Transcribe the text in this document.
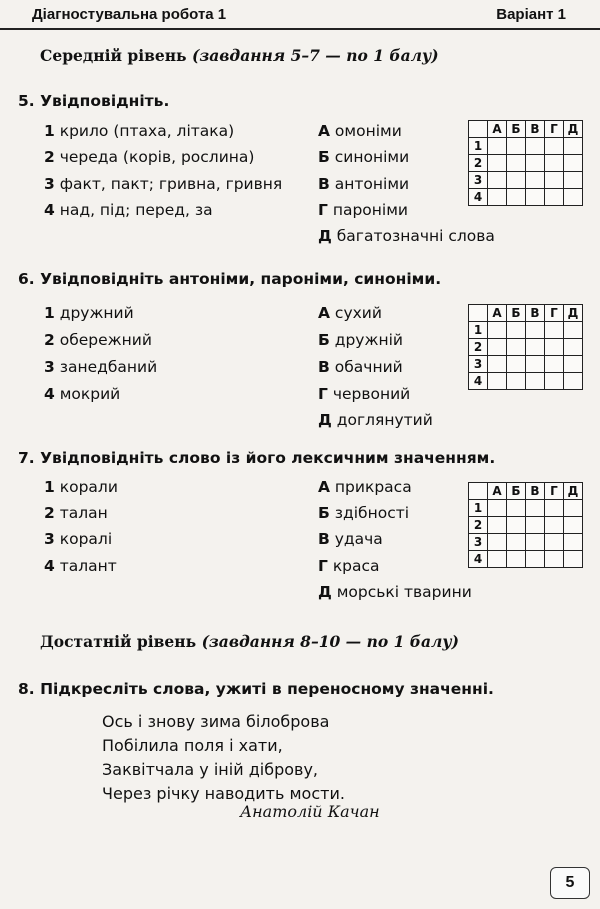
Діагностувальна робота 1	Варіант 1
Середній рівень (завдання 5–7 — по 1 балу)
5. Увідповідніть.
1 крило (птаха, літака)
2 череда (корів, рослина)
3 факт, пакт; гривна, гривня
4 над, під; перед, за
А омоніми
Б синоніми
В антоніми
Г пароніми
Д багатозначні слова
	А	Б	В	Г	Д
1					
2					
3					
4					
6. Увідповідніть антоніми, пароніми, синоніми.
1 дружний
2 обережний
3 занедбаний
4 мокрий
А сухий
Б дружній
В обачний
Г червоний
Д доглянутий
	А	Б	В	Г	Д
1					
2					
3					
4					
7. Увідповідніть слово із його лексичним значенням.
1 корали
2 талан
3 коралі
4 талант
А прикраса
Б здібності
В удача
Г краса
Д морські тварини
	А	Б	В	Г	Д
1					
2					
3					
4					
Достатній рівень (завдання 8–10 — по 1 балу)
8. Підкресліть слова, ужиті в переносному значенні.
Ось і знову зима білоброва
Побілила поля і хати,
Заквітчала у іній діброву,
Через річку наводить мости.
Анатолій Качан
5
